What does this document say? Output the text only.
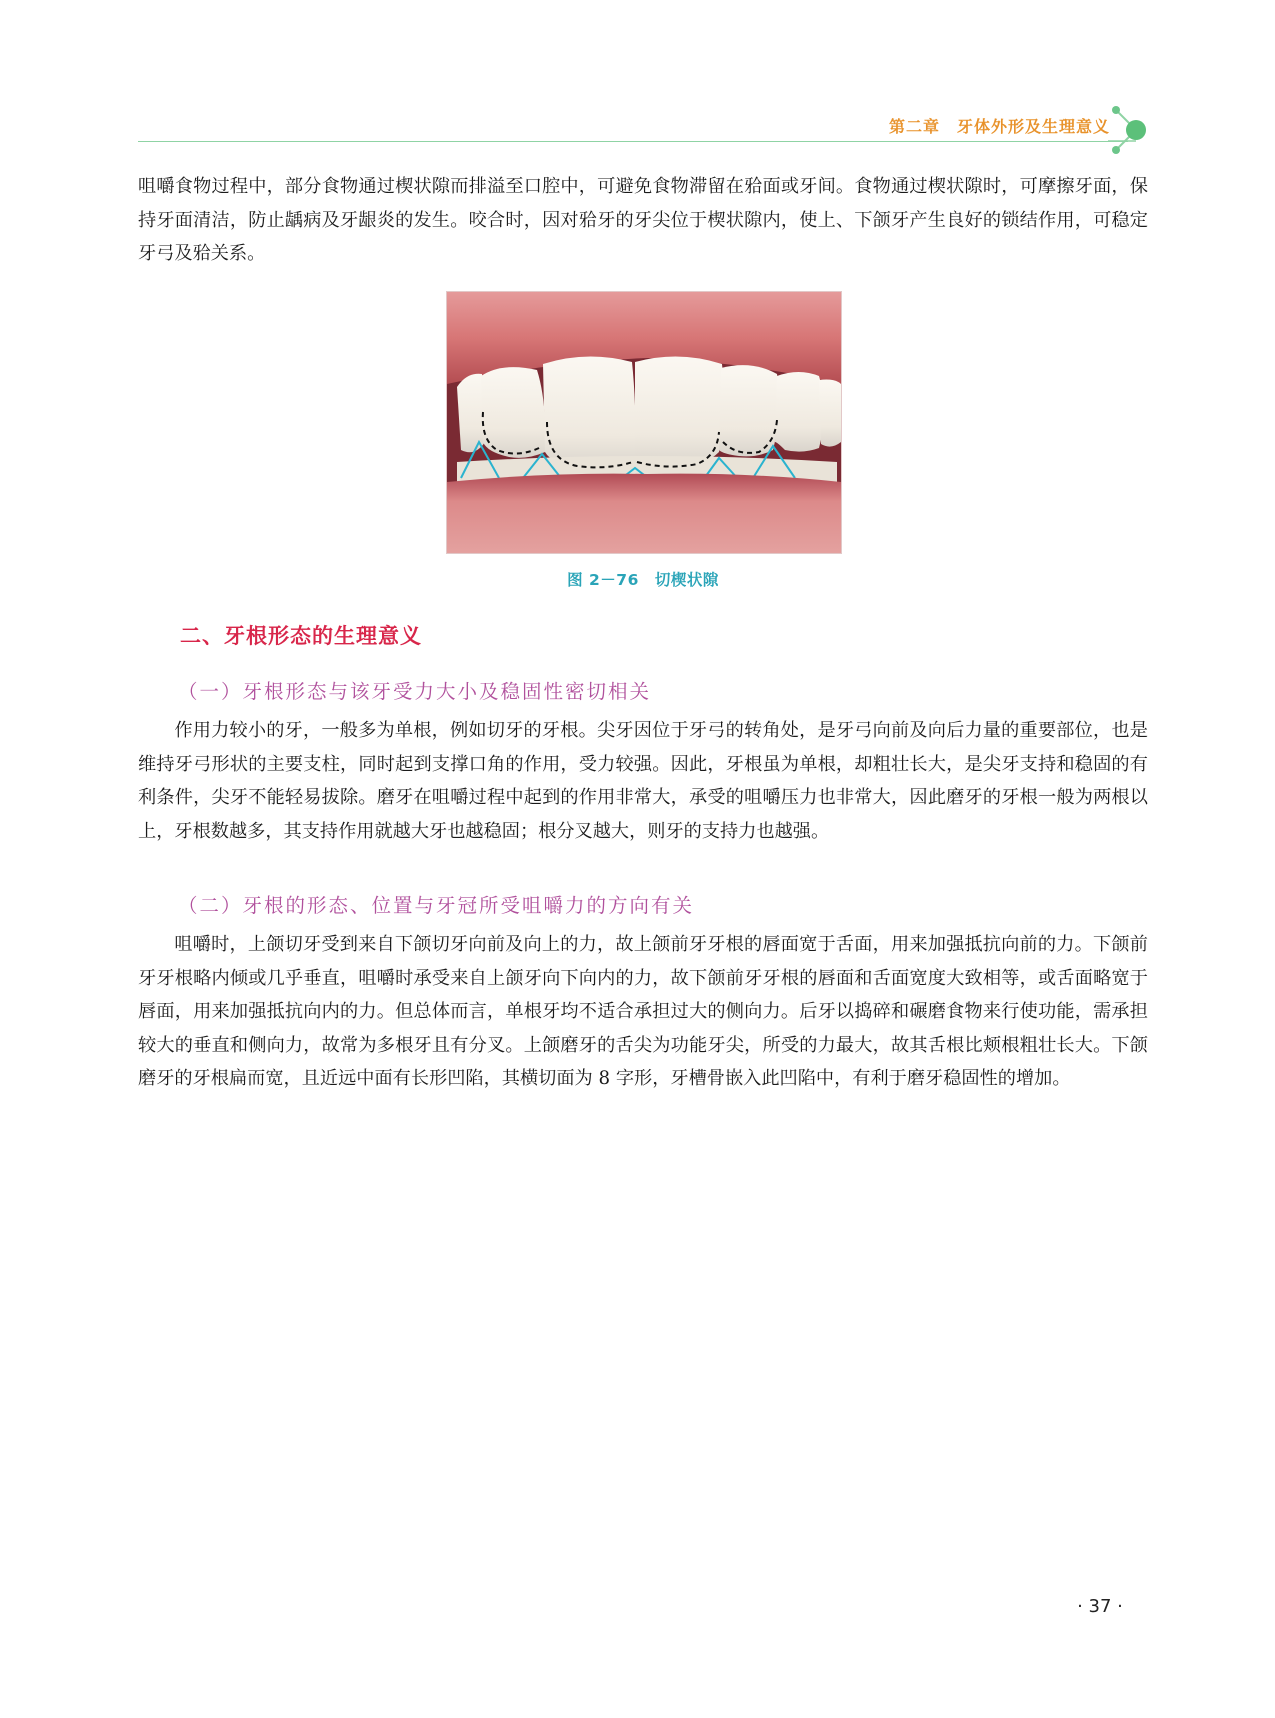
第二章　牙体外形及生理意义

咀嚼食物过程中，部分食物通过楔状隙而排溢至口腔中，可避免食物滞留在𬌗面或牙间。食物通过楔状隙时，可摩擦牙面，保持牙面清洁，防止龋病及牙龈炎的发生。咬合时，因对𬌗牙的牙尖位于楔状隙内，使上、下颌牙产生良好的锁结作用，可稳定牙弓及𬌗关系。

图 2－76　切楔状隙
二、牙根形态的生理意义
（一）牙根形态与该牙受力大小及稳固性密切相关

作用力较小的牙，一般多为单根，例如切牙的牙根。尖牙因位于牙弓的转角处，是牙弓向前及向后力量的重要部位，也是维持牙弓形状的主要支柱，同时起到支撑口角的作用，受力较强。因此，牙根虽为单根，却粗壮长大，是尖牙支持和稳固的有利条件，尖牙不能轻易拔除。磨牙在咀嚼过程中起到的作用非常大，承受的咀嚼压力也非常大，因此磨牙的牙根一般为两根以上，牙根数越多，其支持作用就越大牙也越稳固；根分叉越大，则牙的支持力也越强。

（二）牙根的形态、位置与牙冠所受咀嚼力的方向有关

咀嚼时，上颌切牙受到来自下颌切牙向前及向上的力，故上颌前牙牙根的唇面宽于舌面，用来加强抵抗向前的力。下颌前牙牙根略内倾或几乎垂直，咀嚼时承受来自上颌牙向下向内的力，故下颌前牙牙根的唇面和舌面宽度大致相等，或舌面略宽于唇面，用来加强抵抗向内的力。但总体而言，单根牙均不适合承担过大的侧向力。后牙以捣碎和碾磨食物来行使功能，需承担较大的垂直和侧向力，故常为多根牙且有分叉。上颌磨牙的舌尖为功能牙尖，所受的力最大，故其舌根比颊根粗壮长大。下颌磨牙的牙根扁而宽，且近远中面有长形凹陷，其横切面为 8 字形，牙槽骨嵌入此凹陷中，有利于磨牙稳固性的增加。

· 37 ·
